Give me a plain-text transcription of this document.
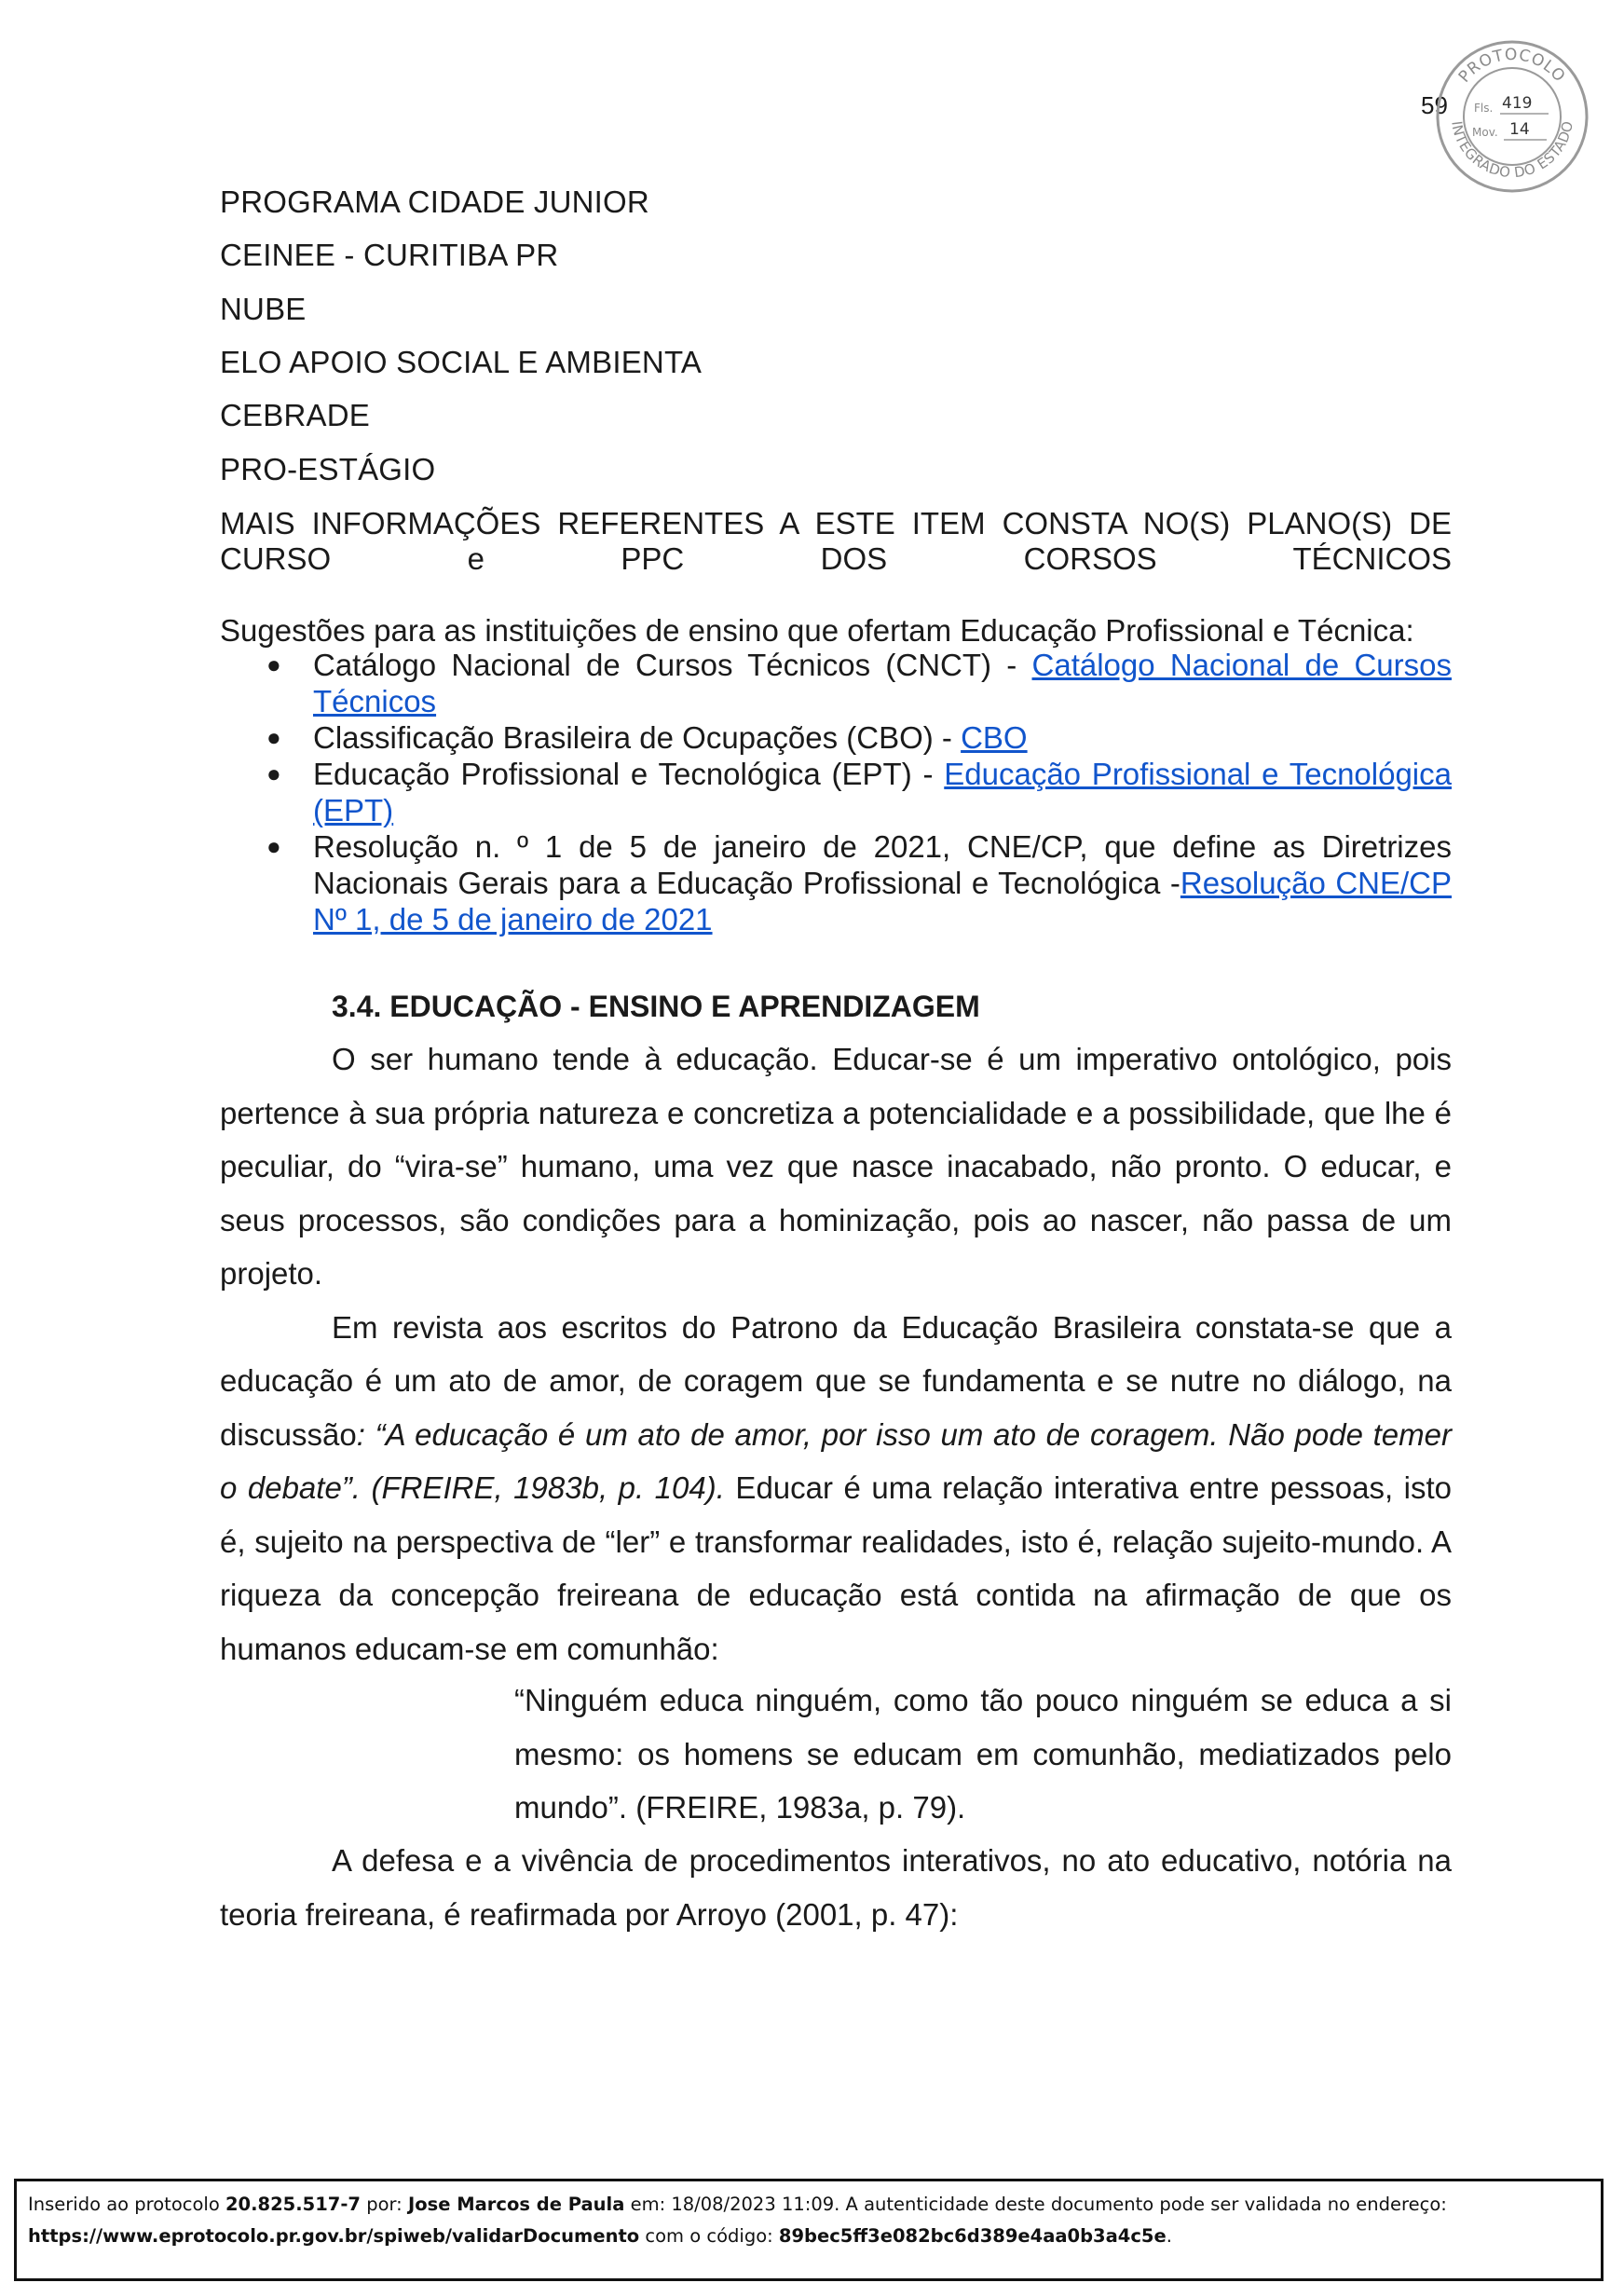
59
PROTOCOLO
INTEGRADO DO ESTADO
Fls. 419
Mov. 14
PROGRAMA CIDADE JUNIOR
CEINEE - CURITIBA PR
NUBE
ELO APOIO SOCIAL E AMBIENTA
CEBRADE
PRO-ESTÁGIO
MAIS INFORMAÇÕES REFERENTES A ESTE ITEM CONSTA NO(S) PLANO(S) DE
CURSO e PPC DOS CORSOS TÉCNICOS
Sugestões para as instituições de ensino que ofertam Educação Profissional e Técnica:
● Catálogo Nacional de Cursos Técnicos (CNCT) - Catálogo Nacional de Cursos Técnicos
● Classificação Brasileira de Ocupações (CBO) - CBO
● Educação Profissional e Tecnológica (EPT) - Educação Profissional e Tecnológica (EPT)
● Resolução n. º 1 de 5 de janeiro de 2021, CNE/CP, que define as Diretrizes Nacionais Gerais para a Educação Profissional e Tecnológica -Resolução CNE/CP Nº 1, de 5 de janeiro de 2021
3.4. EDUCAÇÃO - ENSINO E APRENDIZAGEM

O ser humano tende à educação. Educar-se é um imperativo ontológico, pois pertence à sua própria natureza e concretiza a potencialidade e a possibilidade, que lhe é peculiar, do “vira-se” humano, uma vez que nasce inacabado, não pronto. O educar, e seus processos, são condições para a hominização, pois ao nascer, não passa de um projeto.

Em revista aos escritos do Patrono da Educação Brasileira constata-se que a educação é um ato de amor, de coragem que se fundamenta e se nutre no diálogo, na discussão: “A educação é um ato de amor, por isso um ato de coragem. Não pode temer o debate”. (FREIRE, 1983b, p. 104). Educar é uma relação interativa entre pessoas, isto é, sujeito na perspectiva de “ler” e transformar realidades, isto é, relação sujeito-mundo. A riqueza da concepção freireana de educação está contida na afirmação de que os humanos educam-se em comunhão:

“Ninguém educa ninguém, como tão pouco ninguém se educa a si mesmo: os homens se educam em comunhão, mediatizados pelo mundo”. (FREIRE, 1983a, p. 79).

A defesa e a vivência de procedimentos interativos, no ato educativo, notória na teoria freireana, é reafirmada por Arroyo (2001, p. 47):

Inserido ao protocolo 20.825.517-7 por: Jose Marcos de Paula em: 18/08/2023 11:09. A autenticidade deste documento pode ser validada no endereço:
https://www.eprotocolo.pr.gov.br/spiweb/validarDocumento com o código: 89bec5ff3e082bc6d389e4aa0b3a4c5e.
